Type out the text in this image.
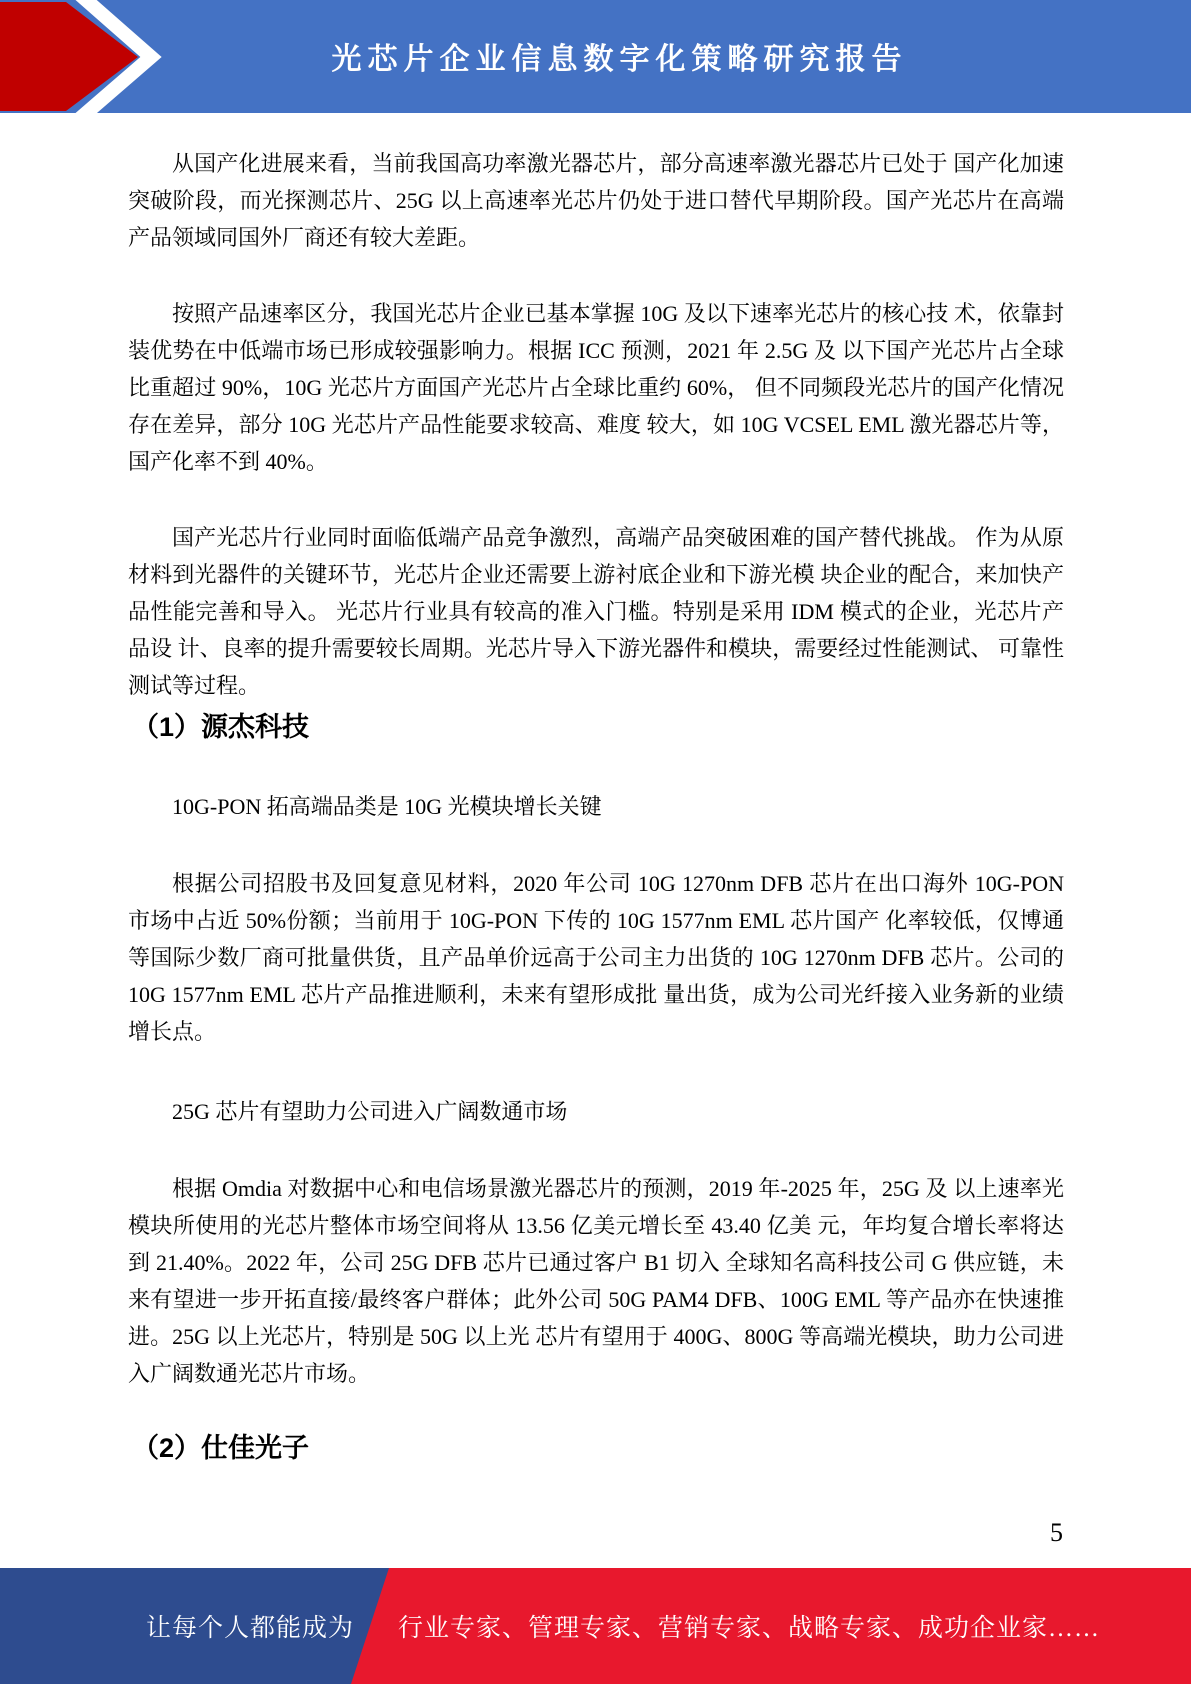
光芯片企业信息数字化策略研究报告

从国产化进展来看，当前我国高功率激光器芯片，部分高速率激光器芯片已处于 国产化加速突破阶段，而光探测芯片、25G 以上高速率光芯片仍处于进口替代早期阶段。国产光芯片在高端产品领域同国外厂商还有较大差距。

按照产品速率区分，我国光芯片企业已基本掌握 10G 及以下速率光芯片的核心技 术，依靠封装优势在中低端市场已形成较强影响力。根据 ICC 预测，2021 年 2.5G 及 以下国产光芯片占全球比重超过 90%，10G 光芯片方面国产光芯片占全球比重约 60%， 但不同频段光芯片的国产化情况存在差异，部分 10G 光芯片产品性能要求较高、难度 较大，如 10G VCSEL EML 激光器芯片等，国产化率不到 40%。

国产光芯片行业同时面临低端产品竞争激烈，高端产品突破困难的国产替代挑战。 作为从原材料到光器件的关键环节，光芯片企业还需要上游衬底企业和下游光模 块企业的配合，来加快产品性能完善和导入。 光芯片行业具有较高的准入门槛。特别是采用 IDM 模式的企业，光芯片产品设 计、良率的提升需要较长周期。光芯片导入下游光器件和模块，需要经过性能测试、 可靠性测试等过程。

（1）源杰科技

10G-PON 拓高端品类是 10G 光模块增长关键

根据公司招股书及回复意见材料，2020 年公司 10G 1270nm DFB 芯片在出口海外 10G-PON 市场中占近 50%份额；当前用于 10G-PON 下传的 10G 1577nm EML 芯片国产 化率较低，仅博通等国际少数厂商可批量供货，且产品单价远高于公司主力出货的 10G 1270nm DFB 芯片。公司的 10G 1577nm EML 芯片产品推进顺利，未来有望形成批 量出货，成为公司光纤接入业务新的业绩增长点。

25G 芯片有望助力公司进入广阔数通市场

根据 Omdia 对数据中心和电信场景激光器芯片的预测，2019 年-2025 年，25G 及 以上速率光模块所使用的光芯片整体市场空间将从 13.56 亿美元增长至 43.40 亿美 元，年均复合增长率将达到 21.40%。2022 年，公司 25G DFB 芯片已通过客户 B1 切入 全球知名高科技公司 G 供应链，未来有望进一步开拓直接/最终客户群体；此外公司 50G PAM4 DFB、100G EML 等产品亦在快速推进。25G 以上光芯片，特别是 50G 以上光 芯片有望用于 400G、800G 等高端光模块，助力公司进入广阔数通光芯片市场。

（2）仕佳光子
5
让每个人都能成为 行业专家、管理专家、营销专家、战略专家、成功企业家……
